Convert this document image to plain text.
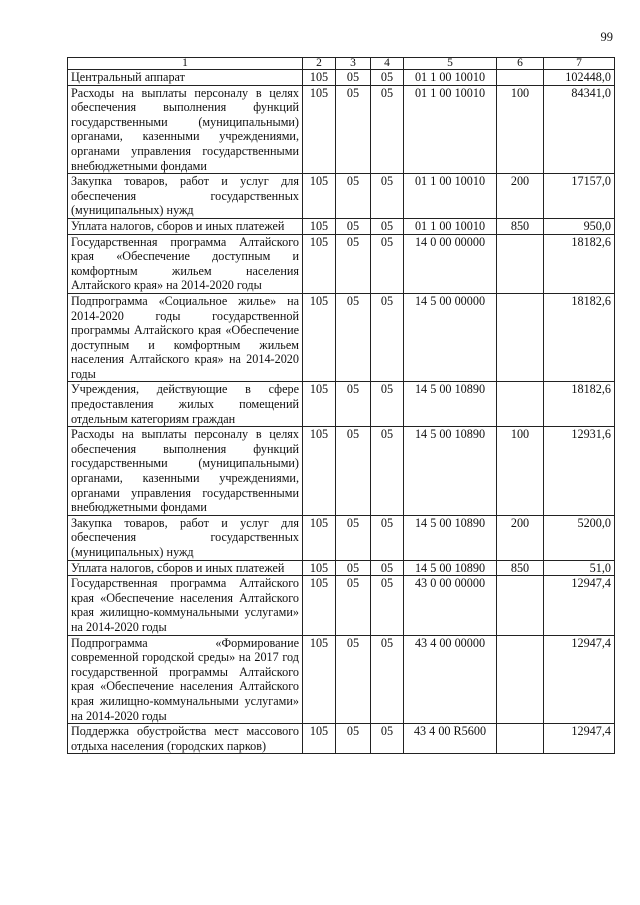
99
1	2	3	4	5	6	7
Центральный аппарат	105	05	05	01 1 00 10010		102448,0
Расходы на выплаты персоналу в целях обеспечения выполнения функций государственными (муниципальными) органами, казенными учреждениями, органами управления государственными внебюджетными фондами	105	05	05	01 1 00 10010	100	84341,0
Закупка товаров, работ и услуг для обеспечения государственных (муниципальных) нужд	105	05	05	01 1 00 10010	200	17157,0
Уплата налогов, сборов и иных платежей	105	05	05	01 1 00 10010	850	950,0
Государственная программа Алтайского края «Обеспечение доступным и комфортным жильем населения Алтайского края» на 2014-2020 годы	105	05	05	14 0 00 00000		18182,6
Подпрограмма «Социальное жилье» на 2014-2020 годы государственной программы Алтайского края «Обеспечение доступным и комфортным жильем населения Алтайского края» на 2014-2020 годы	105	05	05	14 5 00 00000		18182,6
Учреждения, действующие в сфере предоставления жилых помещений отдельным категориям граждан	105	05	05	14 5 00 10890		18182,6
Расходы на выплаты персоналу в целях обеспечения выполнения функций государственными (муниципальными) органами, казенными учреждениями, органами управления государственными внебюджетными фондами	105	05	05	14 5 00 10890	100	12931,6
Закупка товаров, работ и услуг для обеспечения государственных (муниципальных) нужд	105	05	05	14 5 00 10890	200	5200,0
Уплата налогов, сборов и иных платежей	105	05	05	14 5 00 10890	850	51,0
Государственная программа Алтайского края «Обеспечение населения Алтайского края жилищно-коммунальными услугами» на 2014-2020 годы	105	05	05	43 0 00 00000		12947,4
Подпрограмма «Формирование современной городской среды» на 2017 год государственной программы Алтайского края «Обеспечение населения Алтайского края жилищно-коммунальными услугами» на 2014-2020 годы	105	05	05	43 4 00 00000		12947,4
Поддержка обустройства мест массового отдыха населения (городских парков)	105	05	05	43 4 00 R5600		12947,4
